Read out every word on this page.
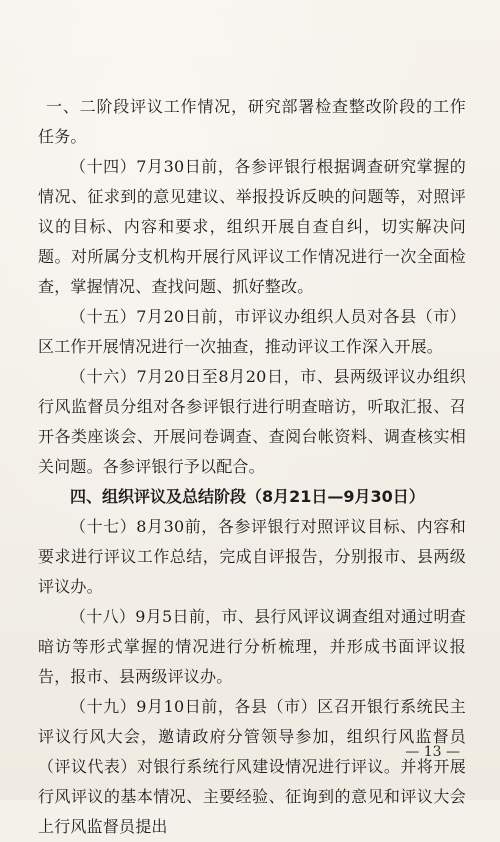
一、二阶段评议工作情况，研究部署检查整改阶段的工作任务。

（十四）7月30日前，各参评银行根据调查研究掌握的情况、征求到的意见建议、举报投诉反映的问题等，对照评议的目标、内容和要求，组织开展自查自纠，切实解决问题。对所属分支机构开展行风评议工作情况进行一次全面检查，掌握情况、查找问题、抓好整改。

（十五）7月20日前，市评议办组织人员对各县（市）区工作开展情况进行一次抽查，推动评议工作深入开展。

（十六）7月20日至8月20日，市、县两级评议办组织行风监督员分组对各参评银行进行明查暗访，听取汇报、召开各类座谈会、开展问卷调查、查阅台帐资料、调查核实相关问题。各参评银行予以配合。

四、组织评议及总结阶段（8月21日—9月30日）

（十七）8月30前，各参评银行对照评议目标、内容和要求进行评议工作总结，完成自评报告，分别报市、县两级评议办。

（十八）9月5日前，市、县行风评议调查组对通过明查暗访等形式掌握的情况进行分析梳理，并形成书面评议报告，报市、县两级评议办。

（十九）9月10日前，各县（市）区召开银行系统民主评议行风大会，邀请政府分管领导参加，组织行风监督员（评议代表）对银行系统行风建设情况进行评议。并将开展行风评议的基本情况、主要经验、征询到的意见和评议大会上行风监督员提出

— 13 —
